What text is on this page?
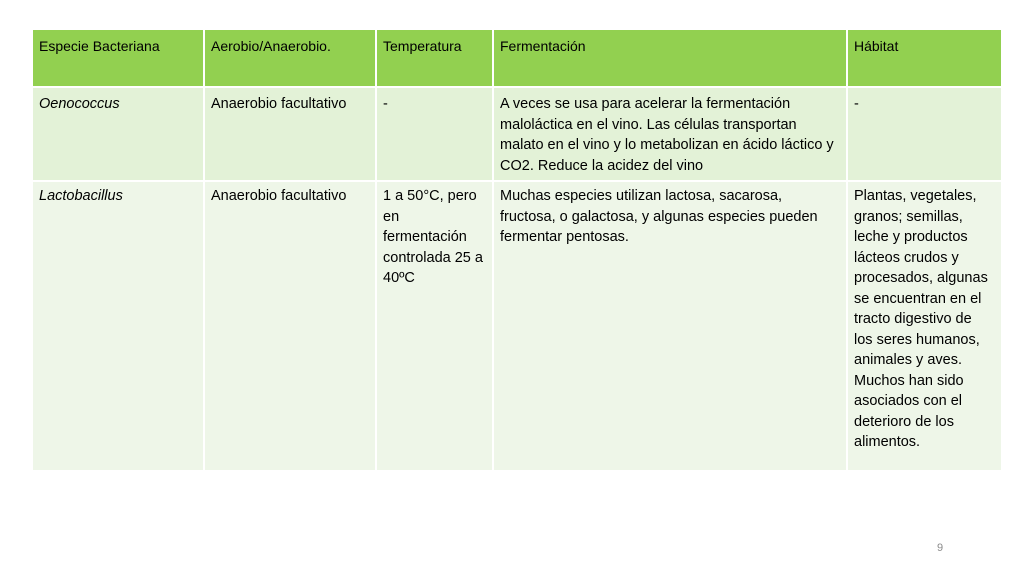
Especie Bacteriana	Aerobio/Anaerobio.	Temperatura	Fermentación	Hábitat
Oenococcus	Anaerobio facultativo	-	A veces se usa para acelerar la fermentación maloláctica en el vino. Las células transportan malato en el vino y lo metabolizan en ácido láctico y CO2. Reduce la acidez del vino	-
Lactobacillus	Anaerobio facultativo	1 a 50°C, pero en fermentación controlada 25 a 40ºC	Muchas especies utilizan lactosa, sacarosa, fructosa, o galactosa, y algunas especies pueden fermentar pentosas.	Plantas, vegetales, granos; semillas, leche y productos lácteos crudos y procesados, algunas se encuentran en el tracto digestivo de los seres humanos, animales y aves. Muchos han sido asociados con el deterioro de los alimentos.
9
